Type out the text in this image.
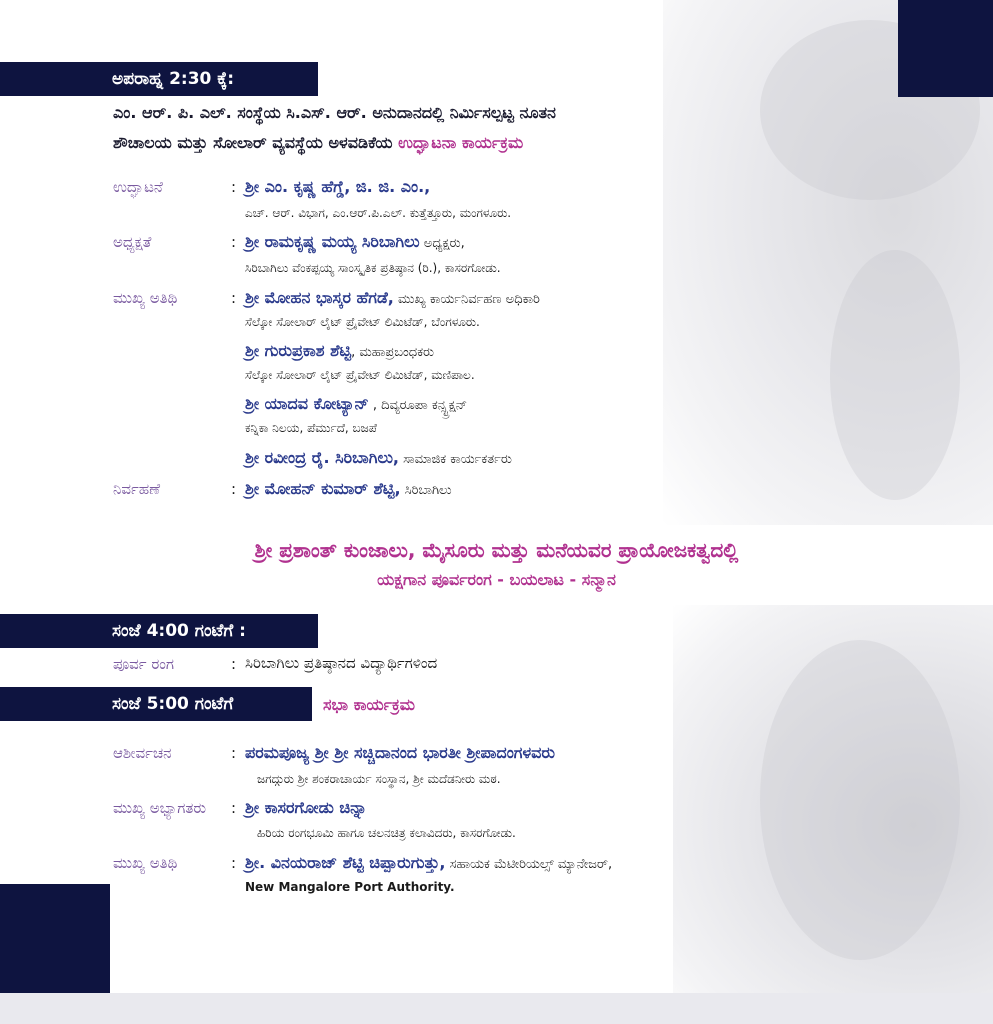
ಅಪರಾಹ್ನ 2:30 ಕ್ಕೆ:
ಎಂ. ಆರ್. ಪಿ. ಎಲ್. ಸಂಸ್ಥೆಯ ಸಿ.ಎಸ್. ಆರ್. ಅನುದಾನದಲ್ಲಿ ನಿರ್ಮಿಸಲ್ಪಟ್ಟ ನೂತನ
ಶೌಚಾಲಯ ಮತ್ತು ಸೋಲಾರ್ ವ್ಯವಸ್ಥೆಯ ಅಳವಡಿಕೆಯ ಉದ್ಘಾಟನಾ ಕಾರ್ಯಕ್ರಮ
ಉದ್ಘಾಟನೆ	: ಶ್ರೀ ಎಂ. ಕೃಷ್ಣ ಹೆಗ್ಡೆ, ಜಿ. ಜಿ. ಎಂ.,
ಎಚ್. ಆರ್. ವಿಭಾಗ, ಎಂ.ಆರ್.ಪಿ.ಎಲ್. ಕುತ್ತೆತ್ತೂರು, ಮಂಗಳೂರು.
ಅಧ್ಯಕ್ಷತೆ	: ಶ್ರೀ ರಾಮಕೃಷ್ಣ ಮಯ್ಯ ಸಿರಿಬಾಗಿಲು ಅಧ್ಯಕ್ಷರು,
ಸಿರಿಬಾಗಿಲು ವೆಂಕಪ್ಪಯ್ಯ ಸಾಂಸ್ಕೃತಿಕ ಪ್ರತಿಷ್ಠಾನ (ರಿ.), ಕಾಸರಗೋಡು.
ಮುಖ್ಯ ಅತಿಥಿ	: ಶ್ರೀ ಮೋಹನ ಭಾಸ್ಕರ ಹೆಗಡೆ, ಮುಖ್ಯ ಕಾರ್ಯನಿರ್ವಹಣ ಅಧಿಕಾರಿ
ಸೆಲ್ಕೋ ಸೋಲಾರ್ ಲೈಟ್ ಪ್ರೈವೇಟ್ ಲಿಮಿಟೆಡ್, ಬೆಂಗಳೂರು.
ಶ್ರೀ ಗುರುಪ್ರಕಾಶ ಶೆಟ್ಟಿ, ಮಹಾಪ್ರಬಂಧಕರು
ಸೆಲ್ಕೋ ಸೋಲಾರ್ ಲೈಟ್ ಪ್ರೈವೇಟ್ ಲಿಮಿಟೆಡ್, ಮಣಿಪಾಲ.
ಶ್ರೀ ಯಾದವ ಕೋಟ್ಯಾನ್ , ದಿವ್ಯರೂಪಾ ಕನ್ಸ್ಟ್ರಕ್ಷನ್
ಕನ್ನಿಕಾ ನಿಲಯ, ಪೆರ್ಮುದೆ, ಬಜಪೆ
ಶ್ರೀ ರವೀಂದ್ರ ರೈ. ಸಿರಿಬಾಗಿಲು, ಸಾಮಾಜಿಕ ಕಾರ್ಯಕರ್ತರು
ನಿರ್ವಹಣೆ	: ಶ್ರೀ ಮೋಹನ್ ಕುಮಾರ್ ಶೆಟ್ಟಿ, ಸಿರಿಬಾಗಿಲು
ಶ್ರೀ ಪ್ರಶಾಂತ್ ಕುಂಜಾಲು, ಮೈಸೂರು ಮತ್ತು ಮನೆಯವರ ಪ್ರಾಯೋಜಕತ್ವದಲ್ಲಿ
ಯಕ್ಷಗಾನ ಪೂರ್ವರಂಗ - ಬಯಲಾಟ - ಸನ್ಮಾನ
ಸಂಜೆ 4:00 ಗಂಟೆಗೆ :
ಪೂರ್ವ ರಂಗ	: ಸಿರಿಬಾಗಿಲು ಪ್ರತಿಷ್ಠಾನದ ವಿದ್ಯಾರ್ಥಿಗಳಿಂದ
ಸಂಜೆ 5:00 ಗಂಟೆಗೆ	ಸಭಾ ಕಾರ್ಯಕ್ರಮ
ಆಶೀರ್ವಚನ	: ಪರಮಪೂಜ್ಯ ಶ್ರೀ ಶ್ರೀ ಸಚ್ಚಿದಾನಂದ ಭಾರತೀ ಶ್ರೀಪಾದಂಗಳವರು
ಜಗದ್ಗುರು ಶ್ರೀ ಶಂಕರಾಚಾರ್ಯ ಸಂಸ್ಥಾನ, ಶ್ರೀ ಮದೆಡನೀರು ಮಠ.
ಮುಖ್ಯ ಅಭ್ಯಾಗತರು : ಶ್ರೀ ಕಾಸರಗೋಡು ಚಿನ್ನಾ
ಹಿರಿಯ ರಂಗಭೂಮಿ ಹಾಗೂ ಚಲನಚಿತ್ರ ಕಲಾವಿದರು, ಕಾಸರಗೋಡು.
ಮುಖ್ಯ ಅತಿಥಿ	: ಶ್ರೀ. ವಿನಯರಾಜ್ ಶೆಟ್ಟಿ ಚಿಪ್ಪಾರುಗುತ್ತು, ಸಹಾಯಕ ಮೆಟೀರಿಯಲ್ಸ್ ಮ್ಯಾನೇಜರ್,
New Mangalore Port Authority.
